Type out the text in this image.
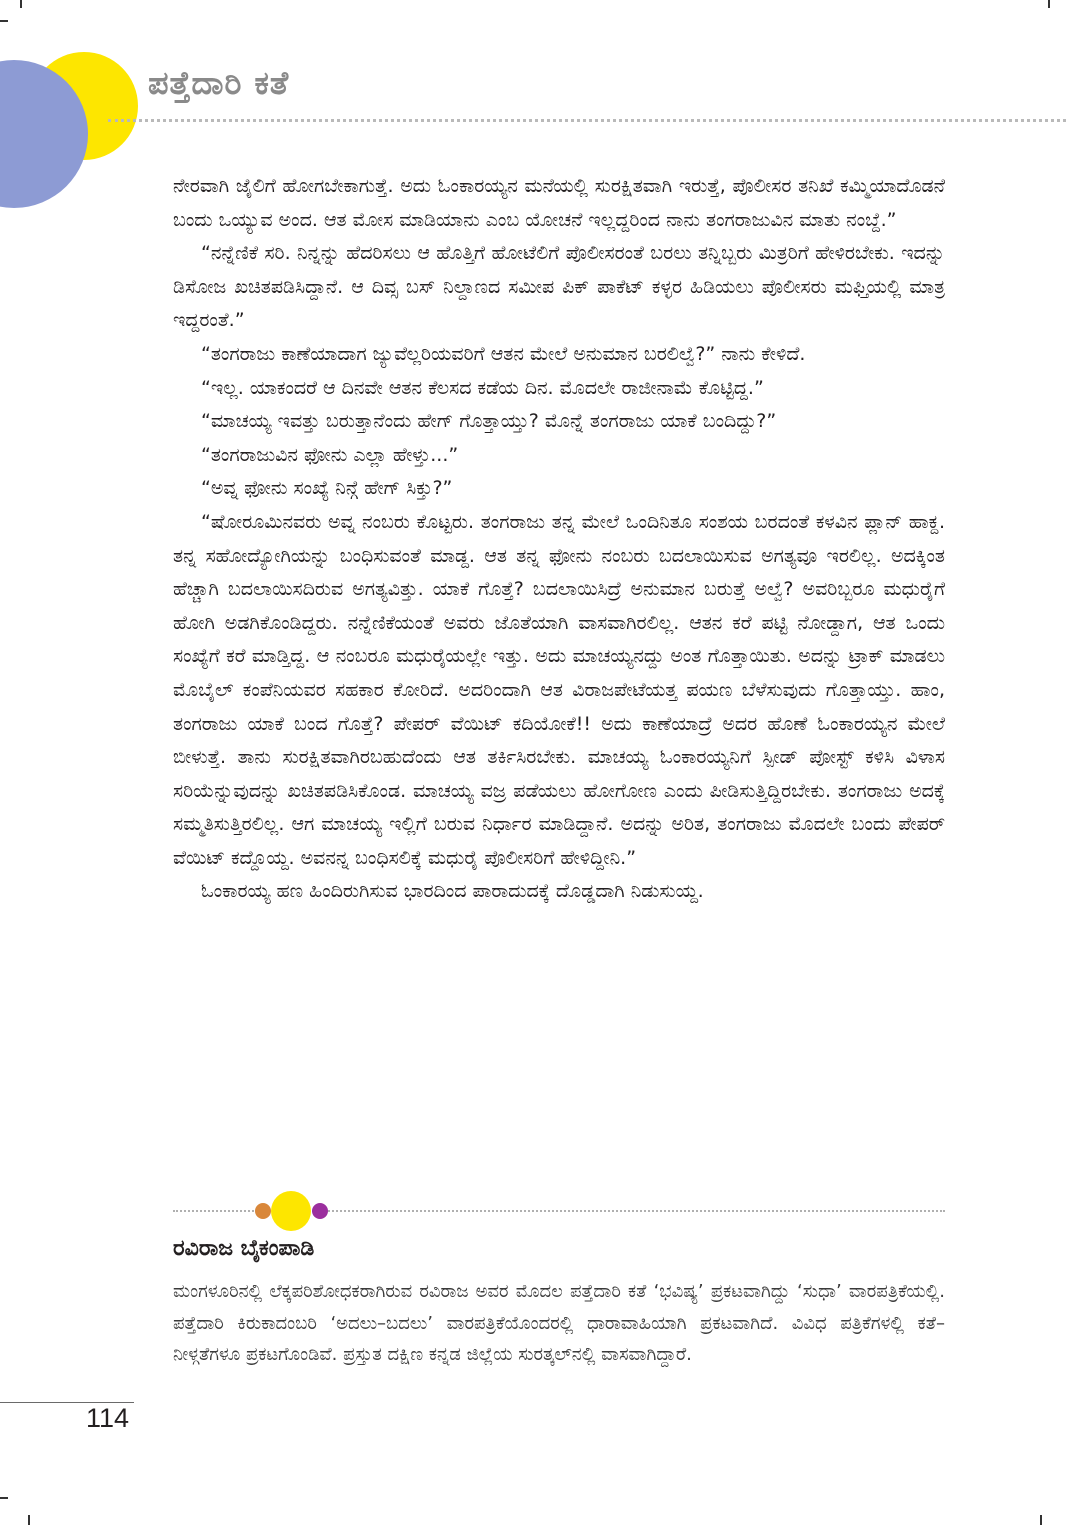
ಪತ್ತೆದಾರಿ ಕತೆ

ನೇರವಾಗಿ ಜೈಲಿಗೆ ಹೋಗಬೇಕಾಗುತ್ತೆ. ಅದು ಓಂಕಾರಯ್ಯನ ಮನೆಯಲ್ಲಿ ಸುರಕ್ಷಿತವಾಗಿ ಇರುತ್ತೆ, ಪೊಲೀಸರ ತನಿಖೆ ಕಮ್ಮಿಯಾದೊಡನೆ ಬಂದು ಒಯ್ಯುವ ಅಂದ. ಆತ ಮೋಸ ಮಾಡಿಯಾನು ಎಂಬ ಯೋಚನೆ ಇಲ್ಲದ್ದರಿಂದ ನಾನು ತಂಗರಾಜುವಿನ ಮಾತು ನಂಬ್ದೆ.”

“ನನ್ನೆಣಿಕೆ ಸರಿ. ನಿನ್ನನ್ನು ಹೆದರಿಸಲು ಆ ಹೊತ್ತಿಗೆ ಹೋಟೆಲಿಗೆ ಪೊಲೀಸರಂತೆ ಬರಲು ತನ್ನಿಬ್ಬರು ಮಿತ್ರರಿಗೆ ಹೇಳಿರಬೇಕು. ಇದನ್ನು ಡಿಸೋಜ ಖಚಿತಪಡಿಸಿದ್ದಾನೆ. ಆ ದಿವ್ಸ ಬಸ್ ನಿಲ್ದಾಣದ ಸಮೀಪ ಪಿಕ್ ಪಾಕೆಟ್ ಕಳ್ಳರ ಹಿಡಿಯಲು ಪೊಲೀಸರು ಮಫ್ತಿಯಲ್ಲಿ ಮಾತ್ರ ಇದ್ದರಂತೆ.”

“ತಂಗರಾಜು ಕಾಣೆಯಾದಾಗ ಜ್ಯುವೆಲ್ಲರಿಯವರಿಗೆ ಆತನ ಮೇಲೆ ಅನುಮಾನ ಬರಲಿಲ್ವೆ?” ನಾನು ಕೇಳಿದೆ.

“ಇಲ್ಲ. ಯಾಕಂದರೆ ಆ ದಿನವೇ ಆತನ ಕೆಲಸದ ಕಡೆಯ ದಿನ. ಮೊದಲೇ ರಾಜೀನಾಮೆ ಕೊಟ್ಟಿದ್ದ.”

“ಮಾಚಯ್ಯ ಇವತ್ತು ಬರುತ್ತಾನೆಂದು ಹೇಗ್ ಗೊತ್ತಾಯ್ತು? ಮೊನ್ನೆ ತಂಗರಾಜು ಯಾಕೆ ಬಂದಿದ್ದು?”

“ತಂಗರಾಜುವಿನ ಫೋನು ಎಲ್ಲಾ ಹೇಳ್ತು...”

“ಅವ್ನ ಫೋನು ಸಂಖ್ಯೆ ನಿನ್ಗೆ ಹೇಗ್ ಸಿಕ್ತು?”

“ಷೋರೂಮಿನವರು ಅವ್ನ ನಂಬರು ಕೊಟ್ಟರು. ತಂಗರಾಜು ತನ್ನ ಮೇಲೆ ಒಂದಿನಿತೂ ಸಂಶಯ ಬರದಂತೆ ಕಳವಿನ ಪ್ಲಾನ್ ಹಾಕ್ದ. ತನ್ನ ಸಹೋದ್ಯೋಗಿಯನ್ನು ಬಂಧಿಸುವಂತೆ ಮಾಡ್ದ. ಆತ ತನ್ನ ಫೋನು ನಂಬರು ಬದಲಾಯಿಸುವ ಅಗತ್ಯವೂ ಇರಲಿಲ್ಲ. ಅದಕ್ಕಿಂತ ಹೆಚ್ಚಾಗಿ ಬದಲಾಯಿಸದಿರುವ ಅಗತ್ಯವಿತ್ತು. ಯಾಕೆ ಗೊತ್ತೆ? ಬದಲಾಯಿಸಿದ್ರೆ ಅನುಮಾನ ಬರುತ್ತೆ ಅಲ್ವೆ? ಅವರಿಬ್ಬರೂ ಮಧುರೈಗೆ ಹೋಗಿ ಅಡಗಿಕೊಂಡಿದ್ದರು. ನನ್ನೆಣಿಕೆಯಂತೆ ಅವರು ಜೊತೆಯಾಗಿ ವಾಸವಾಗಿರಲಿಲ್ಲ. ಆತನ ಕರೆ ಪಟ್ಟಿ ನೋಡ್ದಾಗ, ಆತ ಒಂದು ಸಂಖ್ಯೆಗೆ ಕರೆ ಮಾಡ್ತಿದ್ದ. ಆ ನಂಬರೂ ಮಧುರೈಯಲ್ಲೇ ಇತ್ತು. ಅದು ಮಾಚಯ್ಯನದ್ದು ಅಂತ ಗೊತ್ತಾಯಿತು. ಅದನ್ನು ಟ್ರಾಕ್ ಮಾಡಲು ಮೊಬೈಲ್ ಕಂಪೆನಿಯವರ ಸಹಕಾರ ಕೋರಿದೆ. ಅದರಿಂದಾಗಿ ಆತ ವಿರಾಜಪೇಟೆಯತ್ತ ಪಯಣ ಬೆಳೆಸುವುದು ಗೊತ್ತಾಯ್ತು. ಹಾಂ, ತಂಗರಾಜು ಯಾಕೆ ಬಂದ ಗೊತ್ತೆ? ಪೇಪರ್ ವೆಯಿಟ್ ಕದಿಯೋಕೆ!! ಅದು ಕಾಣೆಯಾದ್ರೆ ಅದರ ಹೊಣೆ ಓಂಕಾರಯ್ಯನ ಮೇಲೆ ಬೀಳುತ್ತೆ. ತಾನು ಸುರಕ್ಷಿತವಾಗಿರಬಹುದೆಂದು ಆತ ತರ್ಕಿಸಿರಬೇಕು. ಮಾಚಯ್ಯ ಓಂಕಾರಯ್ಯನಿಗೆ ಸ್ಪೀಡ್ ಪೋಸ್ಟ್ ಕಳಿಸಿ ವಿಳಾಸ ಸರಿಯೆನ್ನುವುದನ್ನು ಖಚಿತಪಡಿಸಿಕೊಂಡ. ಮಾಚಯ್ಯ ವಜ್ರ ಪಡೆಯಲು ಹೋಗೋಣ ಎಂದು ಪೀಡಿಸುತ್ತಿದ್ದಿರಬೇಕು. ತಂಗರಾಜು ಅದಕ್ಕೆ ಸಮ್ಮತಿಸುತ್ತಿರಲಿಲ್ಲ. ಆಗ ಮಾಚಯ್ಯ ಇಲ್ಲಿಗೆ ಬರುವ ನಿರ್ಧಾರ ಮಾಡಿದ್ದಾನೆ. ಅದನ್ನು ಅರಿತ, ತಂಗರಾಜು ಮೊದಲೇ ಬಂದು ಪೇಪರ್ ವೆಯಿಟ್ ಕದ್ದೊಯ್ದ. ಅವನನ್ನ ಬಂಧಿಸಲಿಕ್ಕೆ ಮಧುರೈ ಪೊಲೀಸರಿಗೆ ಹೇಳಿದ್ದೀನಿ.”

ಓಂಕಾರಯ್ಯ ಹಣ ಹಿಂದಿರುಗಿಸುವ ಭಾರದಿಂದ ಪಾರಾದುದಕ್ಕೆ ದೊಡ್ಡದಾಗಿ ನಿಡುಸುಯ್ದ.

ರವಿರಾಜ ಬೈಕಂಪಾಡಿ

ಮಂಗಳೂರಿನಲ್ಲಿ ಲೆಕ್ಕಪರಿಶೋಧಕರಾಗಿರುವ ರವಿರಾಜ ಅವರ ಮೊದಲ ಪತ್ತೆದಾರಿ ಕತೆ ‘ಭವಿಷ್ಯ’ ಪ್ರಕಟವಾಗಿದ್ದು ‘ಸುಧಾ’ ವಾರಪತ್ರಿಕೆಯಲ್ಲಿ. ಪತ್ತೆದಾರಿ ಕಿರುಕಾದಂಬರಿ ‘ಅದಲು–ಬದಲು’ ವಾರಪತ್ರಿಕೆಯೊಂದರಲ್ಲಿ ಧಾರಾವಾಹಿಯಾಗಿ ಪ್ರಕಟವಾಗಿದೆ. ವಿವಿಧ ಪತ್ರಿಕೆಗಳಲ್ಲಿ ಕತೆ–ನೀಳ್ಗತೆಗಳೂ ಪ್ರಕಟಗೊಂಡಿವೆ. ಪ್ರಸ್ತುತ ದಕ್ಷಿಣ ಕನ್ನಡ ಜಿಲ್ಲೆಯ ಸುರತ್ಕಲ್‌ನಲ್ಲಿ ವಾಸವಾಗಿದ್ದಾರೆ.

114
